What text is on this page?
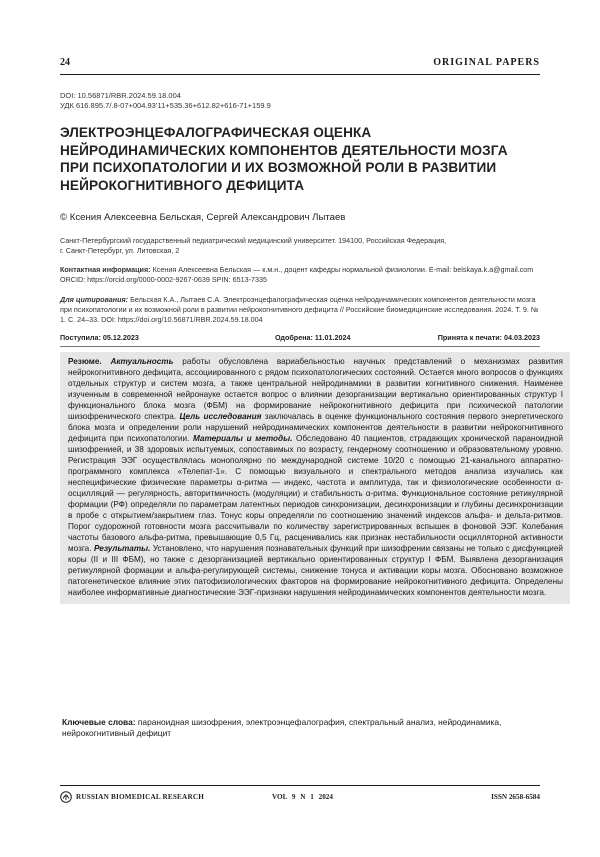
24	ORIGINAL PAPERS
DOI: 10.56871/RBR.2024.59.18.004
УДК 616.895.7/.8-07+004.93’11+535.36+612.82+616-71+159.9
ЭЛЕКТРОЭНЦЕФАЛОГРАФИЧЕСКАЯ ОЦЕНКА НЕЙРОДИНАМИЧЕСКИХ КОМПОНЕНТОВ ДЕЯТЕЛЬНОСТИ МОЗГА ПРИ ПСИХОПАТОЛОГИИ И ИХ ВОЗМОЖНОЙ РОЛИ В РАЗВИТИИ НЕЙРОКОГНИТИВНОГО ДЕФИЦИТА
© Ксения Алексеевна Бельская, Сергей Александрович Лытаев
Санкт-Петербургский государственный педиатрический медицинский университет. 194100, Российская Федерация,
г. Санкт-Петербург, ул. Литовская, 2
Контактная информация: Ксения Алексеевна Бельская — к.м.н., доцент кафедры нормальной физиологии. E-mail: belskaya.k.a@gmail.com
ORCID: https://orcid.org/0000-0002-9267-0639 SPIN: 6513-7335
Для цитирования: Бельская К.А., Лытаев С.А. Электроэнцефалографическая оценка нейродинамических компонентов деятельности мозга при психопатологии и их возможной роли в развитии нейрокогнитивного дефицита // Российские биомедицинские исследования. 2024. Т. 9. № 1. С. 24–33. DOI: https://doi.org/10.56871/RBR.2024.59.18.004
Поступила: 05.12.2023	Одобрена: 11.01.2024	Принята к печати: 04.03.2023
Резюме. Актуальность работы обусловлена вариабельностью научных представлений о механизмах развития нейрокогнитивного дефицита, ассоциированного с рядом психопатологических состояний. Остается много вопросов о функциях отдельных структур и систем мозга, а также центральной нейродинамики в развитии когнитивного снижения. Наименее изученным в современной нейронауке остается вопрос о влиянии дезорганизации вертикально ориентированных структур I функционального блока мозга (ФБМ) на формирование нейрокогнитивного дефицита при психической патологии шизофренического спектра. Цель исследования заключалась в оценке функционального состояния первого энергетического блока мозга и определении роли нарушений нейродинамических компонентов деятельности в развитии нейрокогнитивного дефицита при психопатологии. Материалы и методы. Обследовано 40 пациентов, страдающих хронической параноидной шизофренией, и 38 здоровых испытуемых, сопоставимых по возрасту, гендерному соотношению и образовательному уровню. Регистрация ЭЭГ осуществлялась монополярно по международной системе 10/20 с помощью 21-канального аппаратно-программного комплекса «Телепат-1». С помощью визуального и спектрального методов анализа изучались как неспецифические физические параметры α-ритма — индекс, частота и амплитуда, так и физиологические особенности α-осцилляций — регулярность, авторитмичность (модуляции) и стабильность α-ритма. Функциональное состояние ретикулярной формации (РФ) определяли по параметрам латентных периодов синхронизации, десинхронизации и глубины десинхронизации в пробе с открытием/закрытием глаз. Тонус коры определяли по соотношению значений индексов альфа- и дельта-ритмов. Порог судорожной готовности мозга рассчитывали по количеству зарегистрированных вспышек в фоновой ЭЭГ. Колебания частоты базового альфа-ритма, превышающие 0,5 Гц, расценивались как признак нестабильности осцилляторной активности мозга. Результаты. Установлено, что нарушения познавательных функций при шизофрении связаны не только с дисфункцией коры (II и III ФБМ), но также с дезорганизацией вертикально ориентированных структур I ФБМ. Выявлена дезорганизация ретикулярной формации и альфа-регулирующей системы, снижение тонуса и активации коры мозга. Обосновано возможное патогенетическое влияние этих патофизиологических факторов на формирование нейрокогнитивного дефицита. Определены наиболее информативные диагностические ЭЭГ-признаки нарушения нейродинамических компонентов деятельности мозга.
Ключевые слова: параноидная шизофрения, электроэнцефалография, спектральный анализ, нейродинамика, нейрокогнитивный дефицит
RUSSIAN BIOMEDICAL RESEARCH	VOL 9 N 1 2024	ISSN 2658-6584
